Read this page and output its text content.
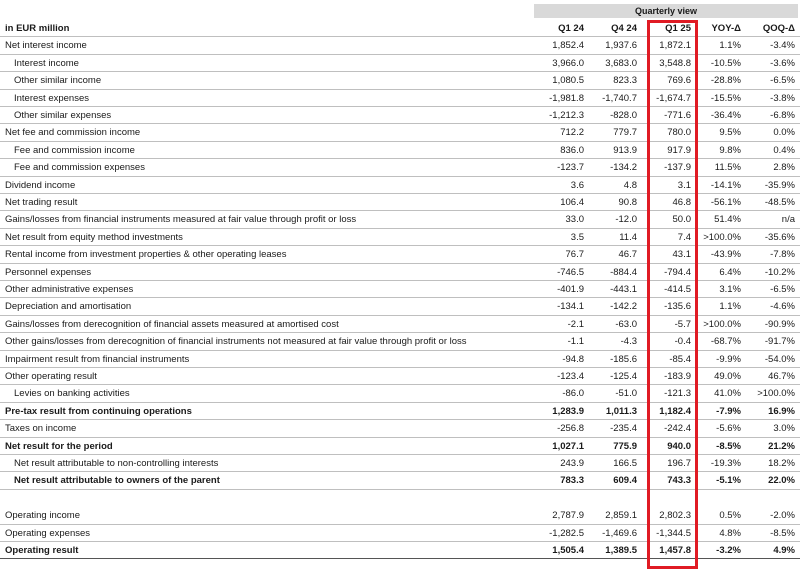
Quarterly view
in EUR million	Q1 24	Q4 24	Q1 25	YOY-Δ	QOQ-Δ
Net interest income	1,852.4	1,937.6	1,872.1	1.1%	-3.4%
Interest income	3,966.0	3,683.0	3,548.8	-10.5%	-3.6%
Other similar income	1,080.5	823.3	769.6	-28.8%	-6.5%
Interest expenses	-1,981.8	-1,740.7	-1,674.7	-15.5%	-3.8%
Other similar expenses	-1,212.3	-828.0	-771.6	-36.4%	-6.8%
Net fee and commission income	712.2	779.7	780.0	9.5%	0.0%
Fee and commission income	836.0	913.9	917.9	9.8%	0.4%
Fee and commission expenses	-123.7	-134.2	-137.9	11.5%	2.8%
Dividend income	3.6	4.8	3.1	-14.1%	-35.9%
Net trading result	106.4	90.8	46.8	-56.1%	-48.5%
Gains/losses from financial instruments measured at fair value through profit or loss	33.0	-12.0	50.0	51.4%	n/a
Net result from equity method investments	3.5	11.4	7.4	>100.0%	-35.6%
Rental income from investment properties & other operating leases	76.7	46.7	43.1	-43.9%	-7.8%
Personnel expenses	-746.5	-884.4	-794.4	6.4%	-10.2%
Other administrative expenses	-401.9	-443.1	-414.5	3.1%	-6.5%
Depreciation and amortisation	-134.1	-142.2	-135.6	1.1%	-4.6%
Gains/losses from derecognition of financial assets measured at amortised cost	-2.1	-63.0	-5.7	>100.0%	-90.9%
Other gains/losses from derecognition of financial instruments not measured at fair value through profit or loss	-1.1	-4.3	-0.4	-68.7%	-91.7%
Impairment result from financial instruments	-94.8	-185.6	-85.4	-9.9%	-54.0%
Other operating result	-123.4	-125.4	-183.9	49.0%	46.7%
Levies on banking activities	-86.0	-51.0	-121.3	41.0%	>100.0%
Pre-tax result from continuing operations	1,283.9	1,011.3	1,182.4	-7.9%	16.9%
Taxes on income	-256.8	-235.4	-242.4	-5.6%	3.0%
Net result for the period	1,027.1	775.9	940.0	-8.5%	21.2%
Net result attributable to non-controlling interests	243.9	166.5	196.7	-19.3%	18.2%
Net result attributable to owners of the parent	783.3	609.4	743.3	-5.1%	22.0%
Operating income	2,787.9	2,859.1	2,802.3	0.5%	-2.0%
Operating expenses	-1,282.5	-1,469.6	-1,344.5	4.8%	-8.5%
Operating result	1,505.4	1,389.5	1,457.8	-3.2%	4.9%
